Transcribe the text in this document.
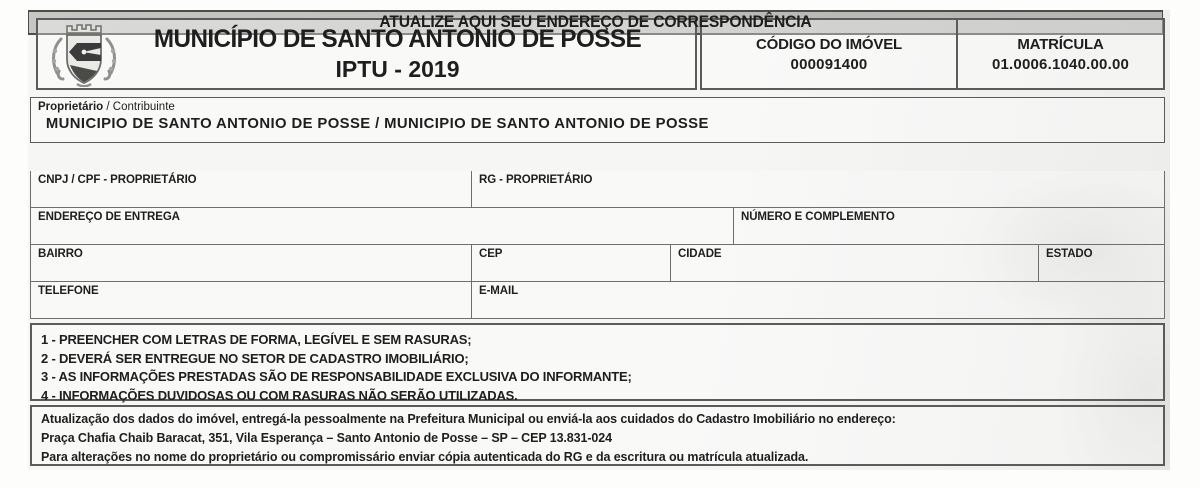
MUNICÍPIO DE SANTO ANTONIO DE POSSE
IPTU - 2019
CÓDIGO DO IMÓVEL
000091400
MATRÍCULA
01.0006.1040.00.00
Proprietário / Contribuinte
MUNICIPIO DE SANTO ANTONIO DE POSSE / MUNICIPIO DE SANTO ANTONIO DE POSSE
ATUALIZE AQUI SEU ENDEREÇO DE CORRESPONDÊNCIA
CNPJ / CPF - PROPRIETÁRIO	RG - PROPRIETÁRIO
ENDEREÇO DE ENTREGA	NÚMERO E COMPLEMENTO
BAIRRO	CEP	CIDADE	ESTADO
TELEFONE	E-MAIL
1 - PREENCHER COM LETRAS DE FORMA, LEGÍVEL E SEM RASURAS;
2 - DEVERÁ SER ENTREGUE NO SETOR DE CADASTRO IMOBILIÁRIO;
3 - AS INFORMAÇÕES PRESTADAS SÃO DE RESPONSABILIDADE EXCLUSIVA DO INFORMANTE;
4 - INFORMAÇÕES DUVIDOSAS OU COM RASURAS NÃO SERÃO UTILIZADAS.
Atualização dos dados do imóvel, entregá-la pessoalmente na Prefeitura Municipal ou enviá-la aos cuidados do Cadastro Imobiliário no endereço:
Praça Chafia Chaib Baracat, 351, Vila Esperança – Santo Antonio de Posse – SP – CEP 13.831-024
Para alterações no nome do proprietário ou compromissário enviar cópia autenticada do RG e da escritura ou matrícula atualizada.
